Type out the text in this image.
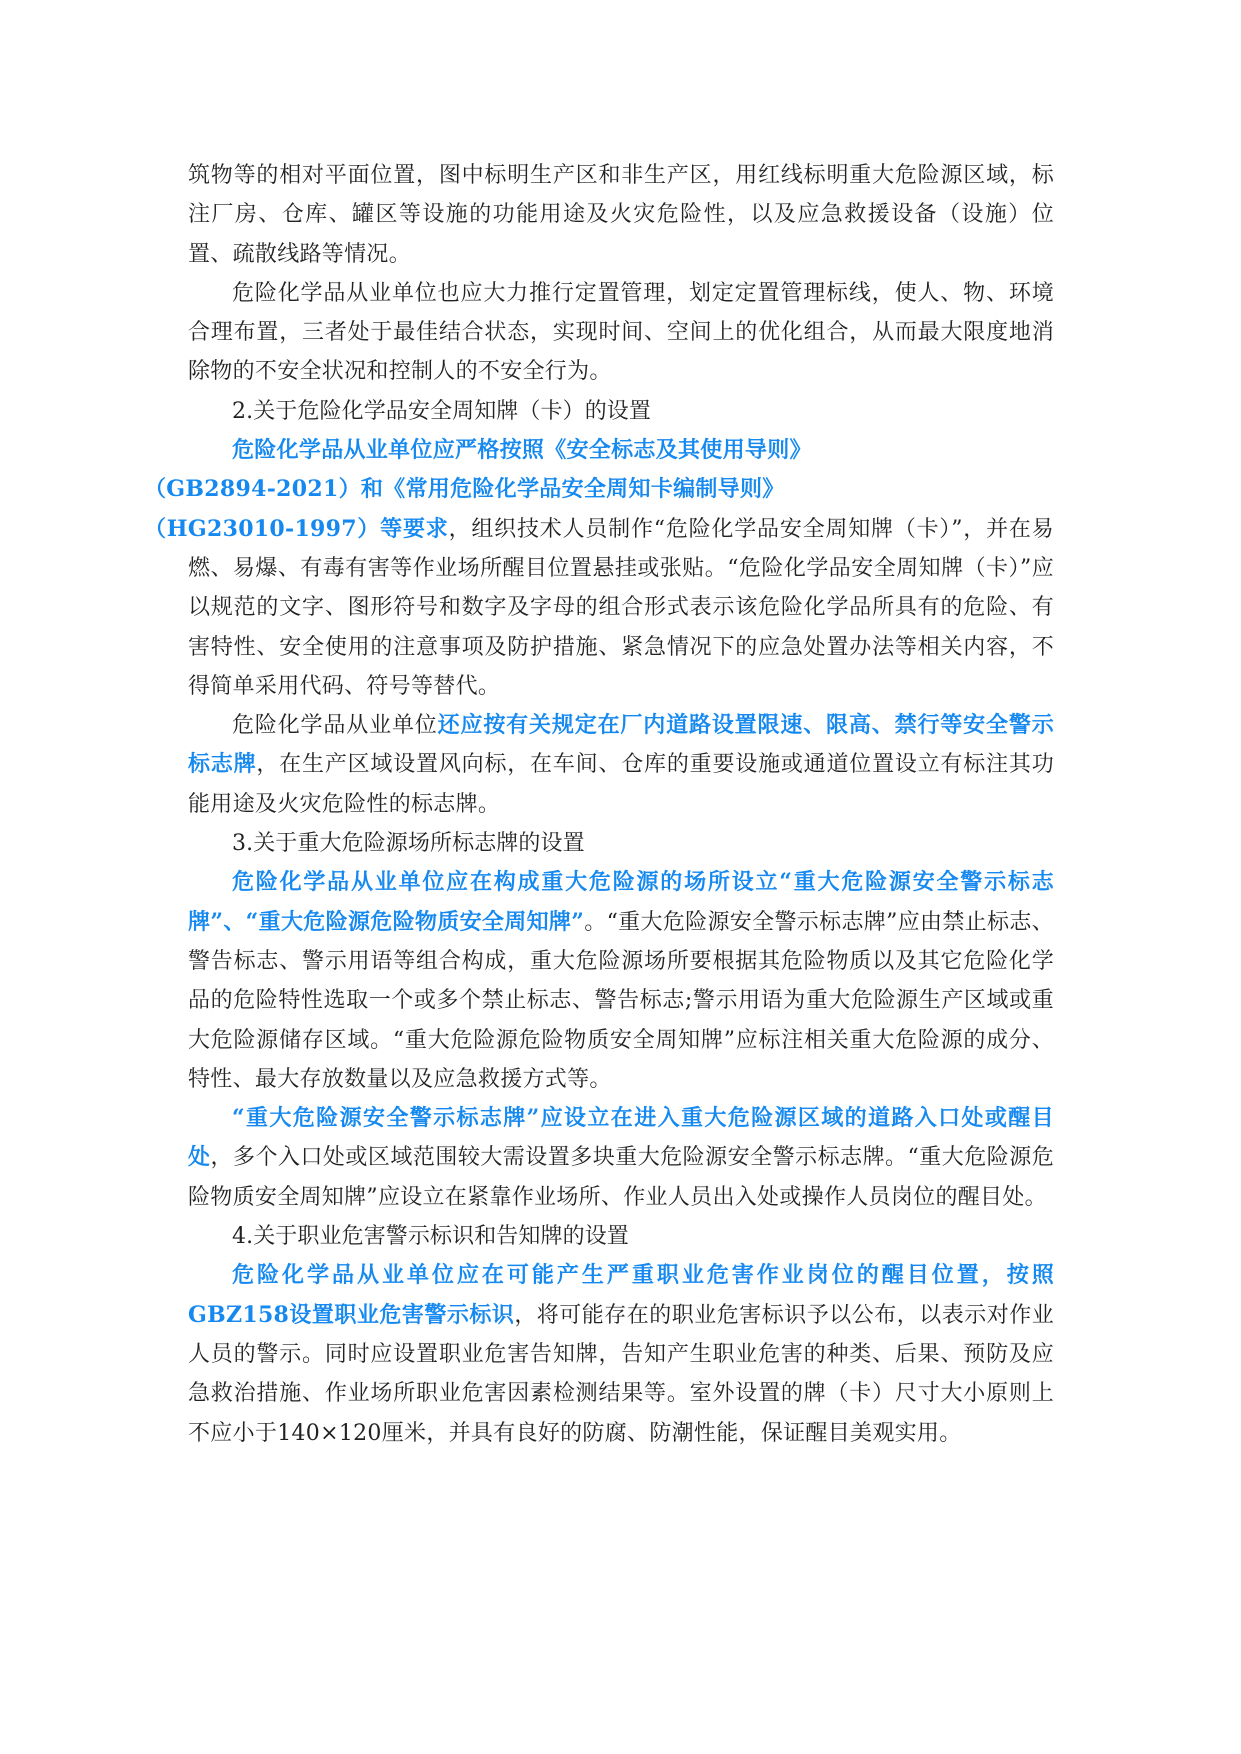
筑物等的相对平面位置，图中标明生产区和非生产区，用红线标明重大危险源区域，标注厂房、仓库、罐区等设施的功能用途及火灾危险性，以及应急救援设备（设施）位置、疏散线路等情况。

危险化学品从业单位也应大力推行定置管理，划定定置管理标线，使人、物、环境合理布置，三者处于最佳结合状态，实现时间、空间上的优化组合，从而最大限度地消除物的不安全状况和控制人的不安全行为。

2.关于危险化学品安全周知牌（卡）的设置

危险化学品从业单位应严格按照《安全标志及其使用导则》
（GB2894-2021）和《常用危险化学品安全周知卡编制导则》
（HG23010-1997）等要求，组织技术人员制作“危险化学品安全周知牌（卡）”，并在易燃、易爆、有毒有害等作业场所醒目位置悬挂或张贴。“危险化学品安全周知牌（卡）”应以规范的文字、图形符号和数字及字母的组合形式表示该危险化学品所具有的危险、有害特性、安全使用的注意事项及防护措施、紧急情况下的应急处置办法等相关内容，不得简单采用代码、符号等替代。

危险化学品从业单位还应按有关规定在厂内道路设置限速、限高、禁行等安全警示标志牌，在生产区域设置风向标，在车间、仓库的重要设施或通道位置设立有标注其功能用途及火灾危险性的标志牌。

3.关于重大危险源场所标志牌的设置

危险化学品从业单位应在构成重大危险源的场所设立“重大危险源安全警示标志牌”、“重大危险源危险物质安全周知牌”。“重大危险源安全警示标志牌”应由禁止标志、警告标志、警示用语等组合构成，重大危险源场所要根据其危险物质以及其它危险化学品的危险特性选取一个或多个禁止标志、警告标志;警示用语为重大危险源生产区域或重大危险源储存区域。“重大危险源危险物质安全周知牌”应标注相关重大危险源的成分、特性、最大存放数量以及应急救援方式等。

“重大危险源安全警示标志牌”应设立在进入重大危险源区域的道路入口处或醒目处，多个入口处或区域范围较大需设置多块重大危险源安全警示标志牌。“重大危险源危险物质安全周知牌”应设立在紧靠作业场所、作业人员出入处或操作人员岗位的醒目处。

4.关于职业危害警示标识和告知牌的设置

危险化学品从业单位应在可能产生严重职业危害作业岗位的醒目位置，按照GBZ158设置职业危害警示标识，将可能存在的职业危害标识予以公布，以表示对作业人员的警示。同时应设置职业危害告知牌，告知产生职业危害的种类、后果、预防及应急救治措施、作业场所职业危害因素检测结果等。室外设置的牌（卡）尺寸大小原则上不应小于140×120厘米，并具有良好的防腐、防潮性能，保证醒目美观实用。
